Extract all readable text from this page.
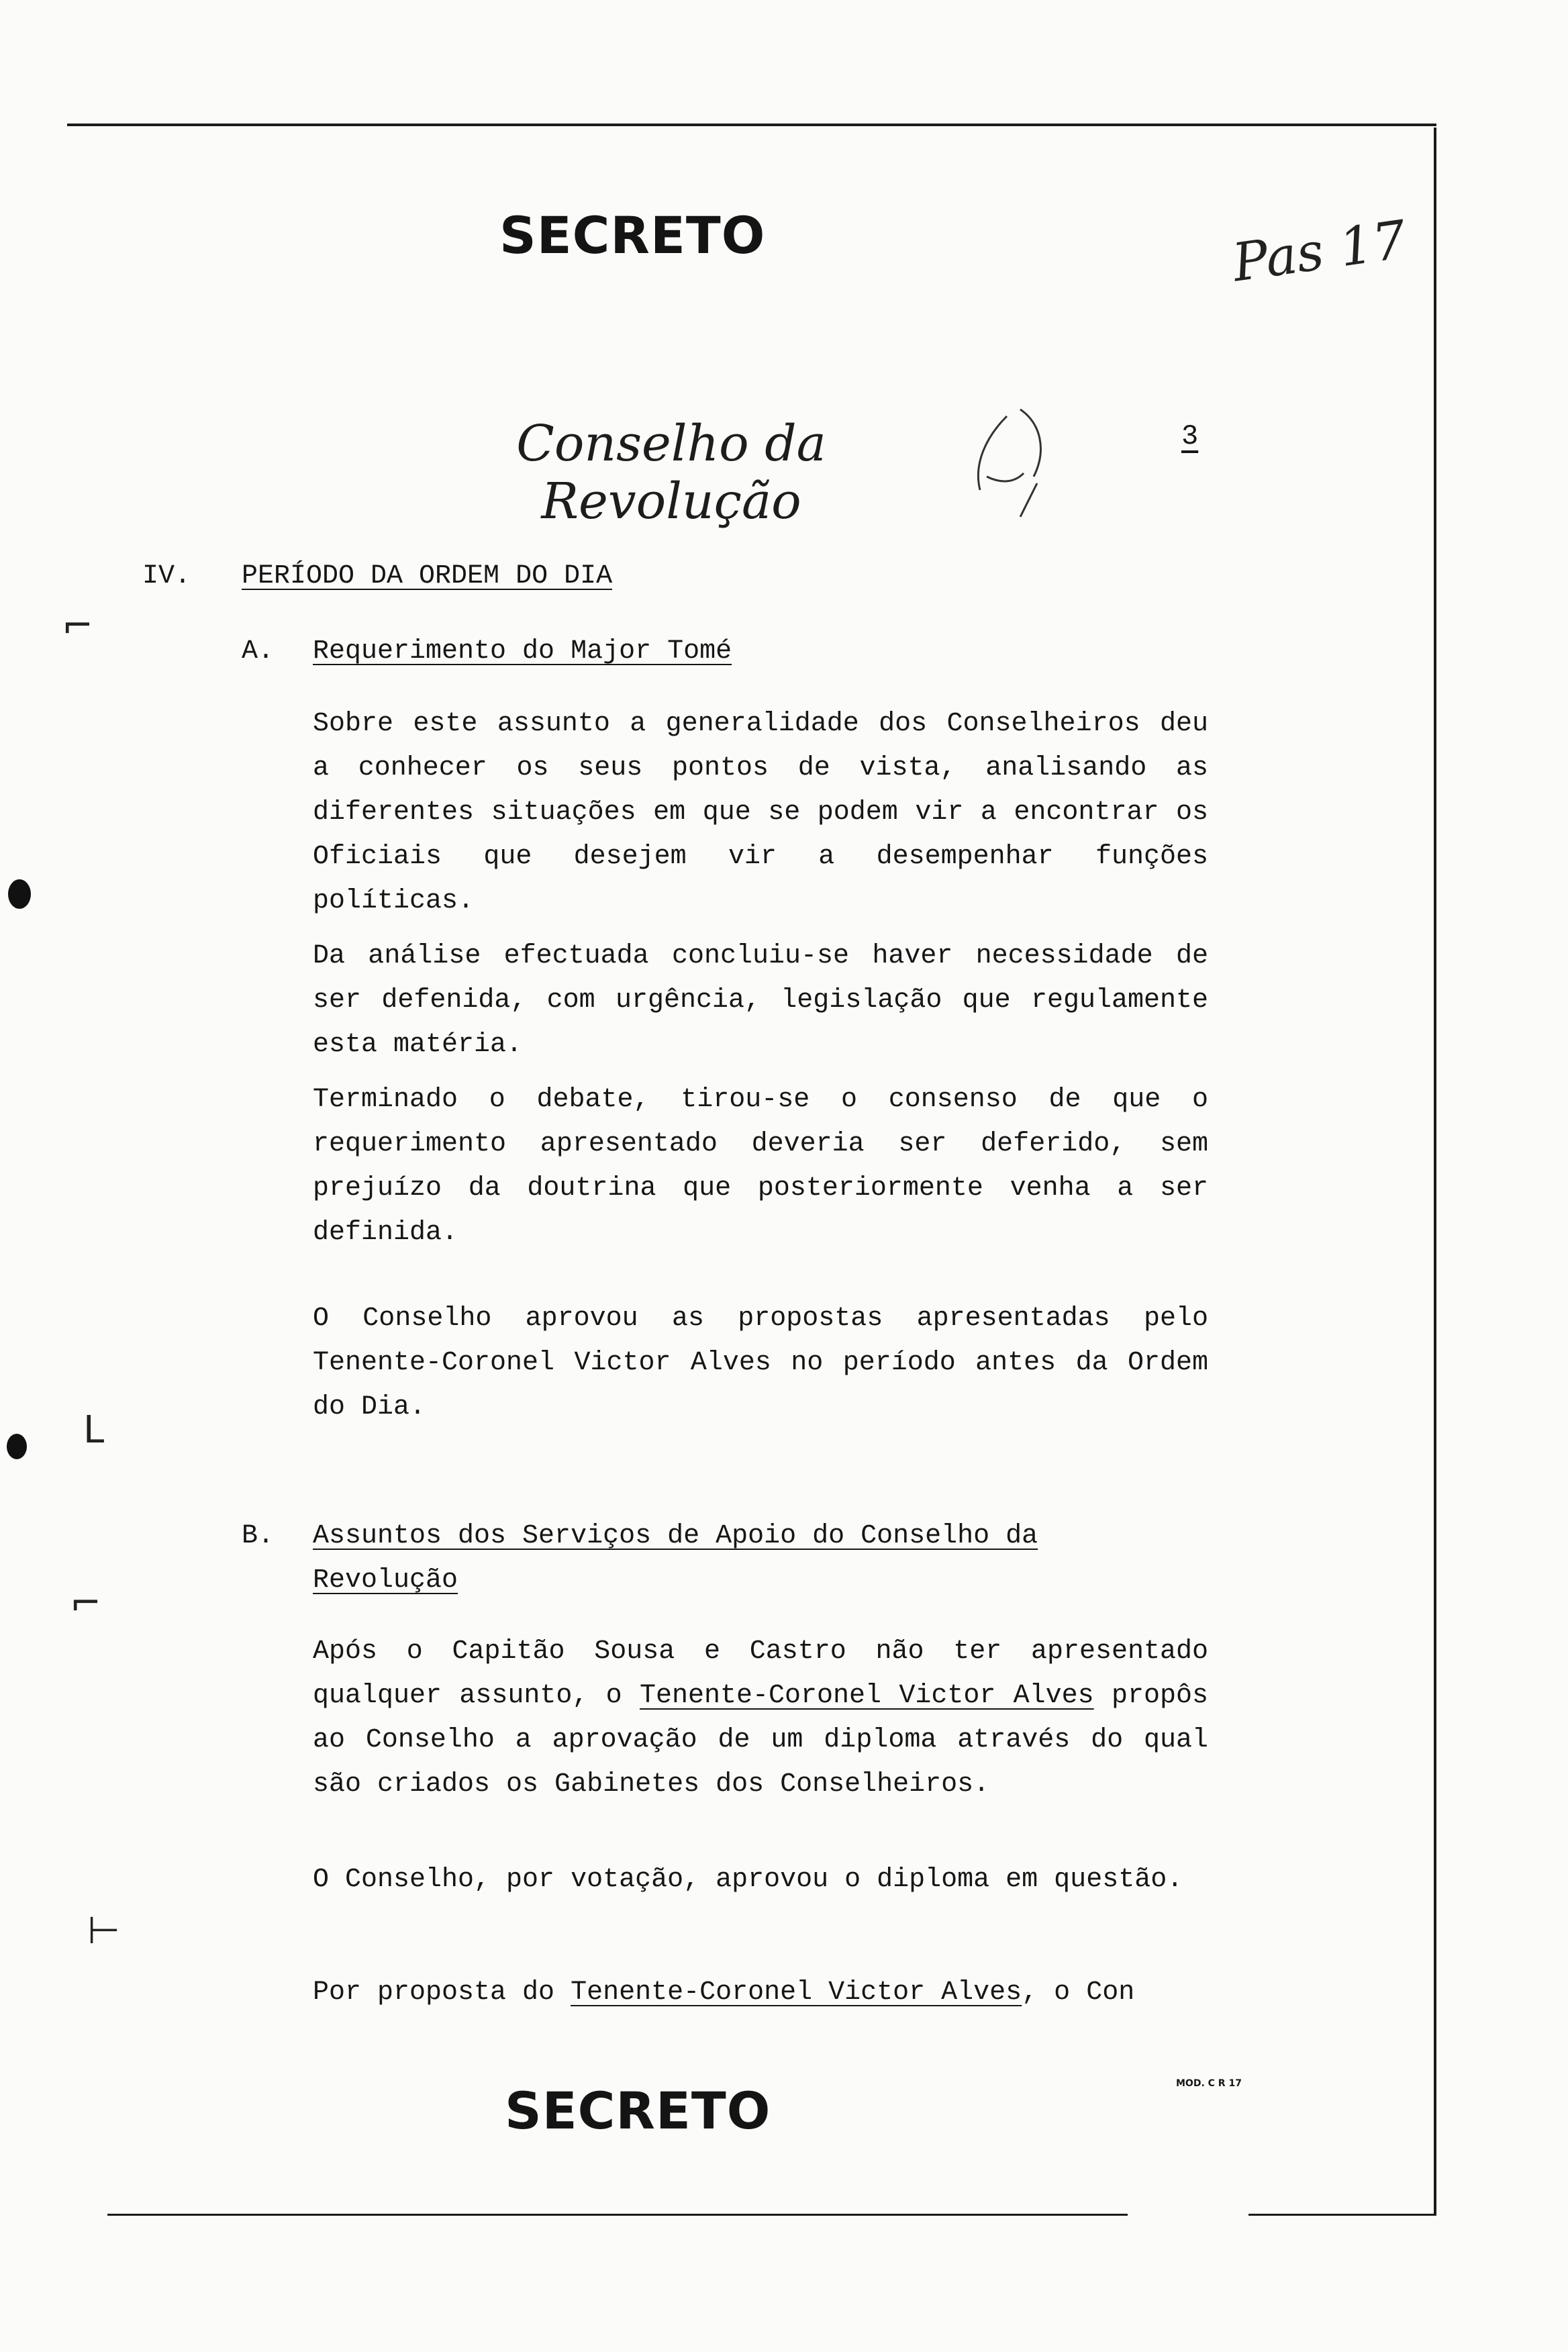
⌐
L
⌐
⊢
SECRETO	Pas 17
Conselho da Revolução
3
IV. PERÍODO DA ORDEM DO DIA
A. Requerimento do Major Tomé
Sobre este assunto a generalidade dos Conselheiros deu a conhecer os seus pontos de vista, analisando as diferentes situações em que se podem vir a encontrar os Oficiais que desejem vir a desempenhar funções políticas.
Da análise efectuada concluiu-se haver necessidade de ser defenida, com urgência, legislação que regulamente esta matéria.
Terminado o debate, tirou-se o consenso de que o requerimento apresentado deveria ser deferido, sem prejuízo da doutrina que posteriormente venha a ser definida.
O Conselho aprovou as propostas apresentadas pelo Tenente-Coronel Victor Alves no período antes da Ordem do Dia.
B. Assuntos dos Serviços de Apoio do Conselho da Revolução
Após o Capitão Sousa e Castro não ter apresentado qualquer assunto, o Tenente-Coronel Victor Alves propôs ao Conselho a aprovação de um diploma através do qual são criados os Gabinetes dos Conselheiros.
O Conselho, por votação, aprovou o diploma em questão.
Por proposta do Tenente-Coronel Victor Alves, o Con
SECRETO	MOD. C R 17
